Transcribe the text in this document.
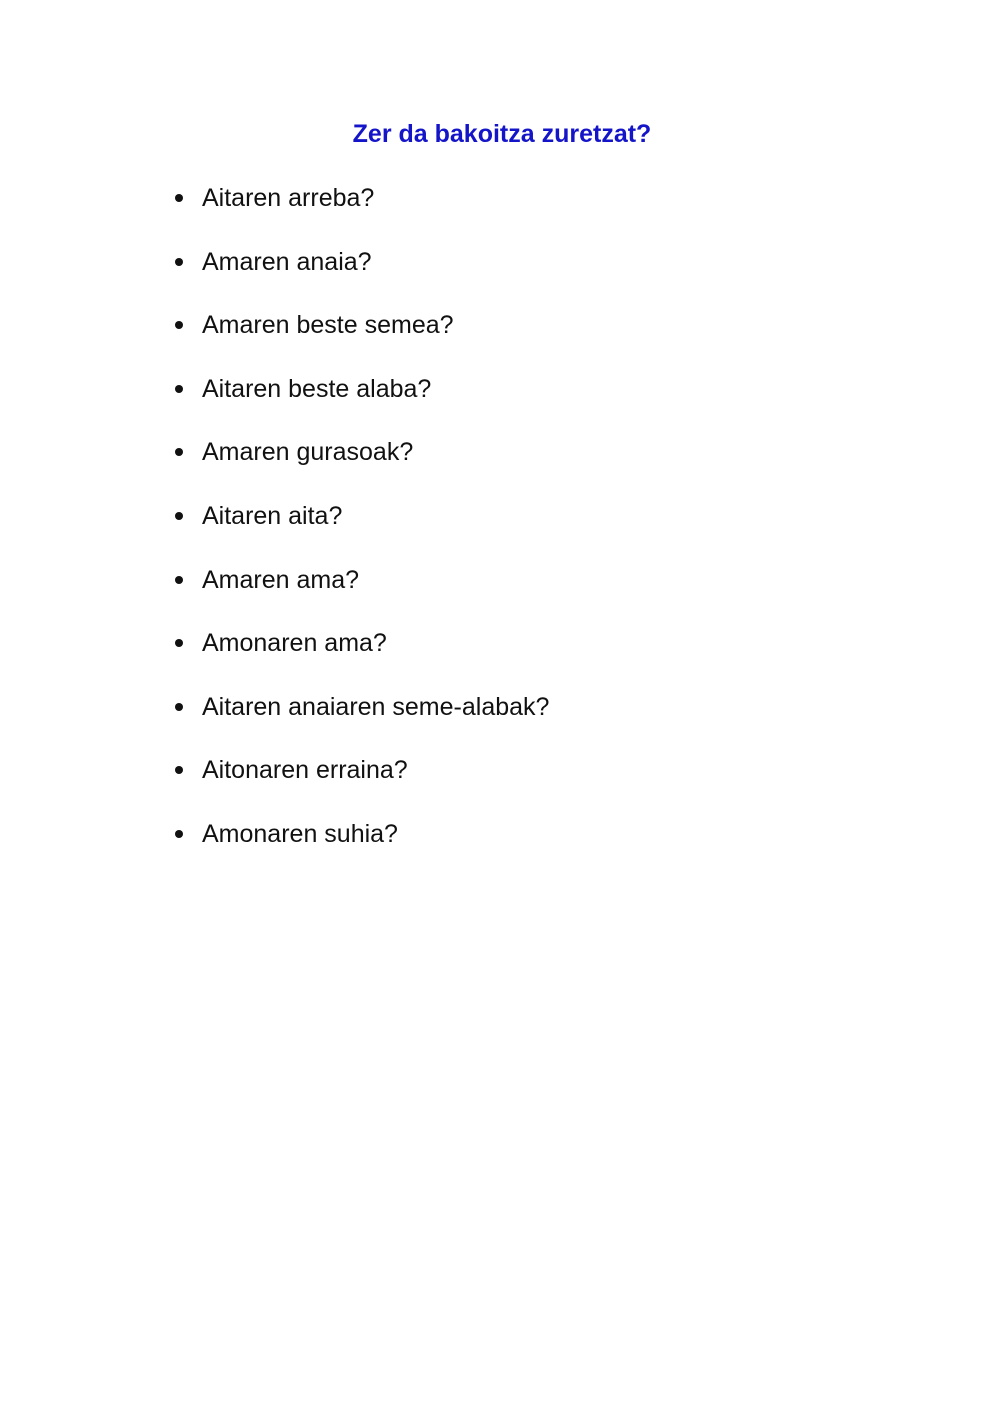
Zer da bakoitza zuretzat?
Aitaren arreba?
Amaren anaia?
Amaren beste semea?
Aitaren beste alaba?
Amaren gurasoak?
Aitaren aita?
Amaren ama?
Amonaren ama?
Aitaren anaiaren seme-alabak?
Aitonaren erraina?
Amonaren suhia?
